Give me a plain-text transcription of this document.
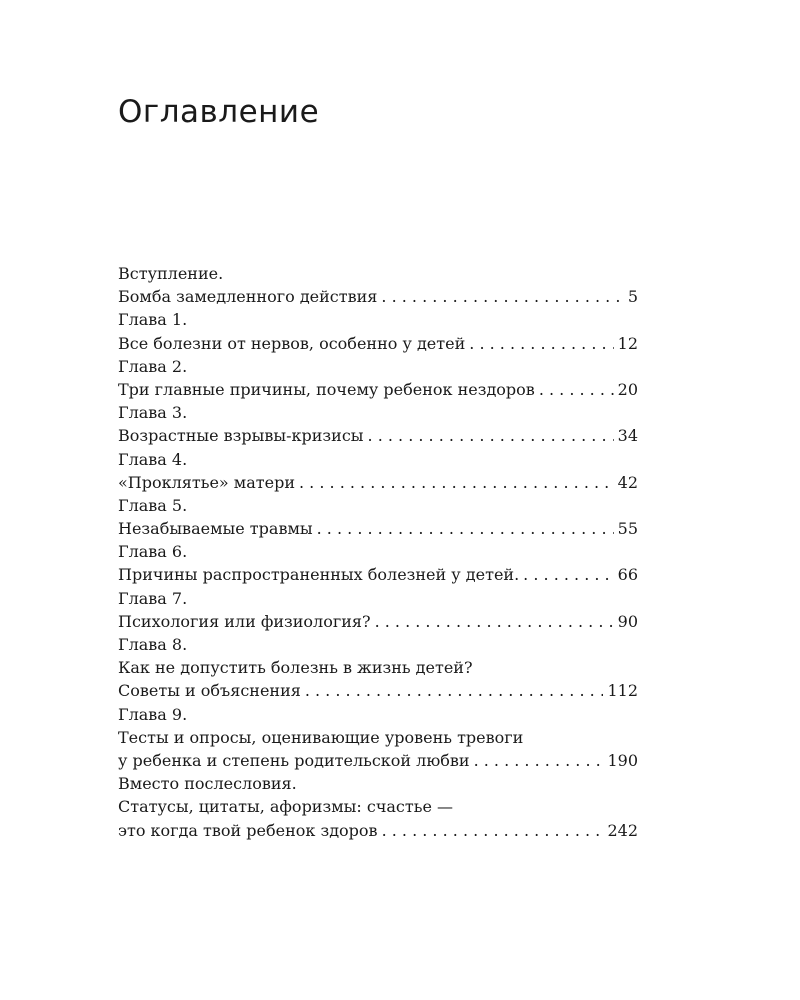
Оглавление
Вступление.
Бомба замедленного действия . . .	5
Глава 1.
Все болезни от нервов, особенно у детей . . .	12
Глава 2.
Три главные причины, почему ребенок нездоров . . .	20
Глава 3.
Возрастные взрывы-кризисы . . .	34
Глава 4.
«Проклятье» матери . . .	42
Глава 5.
Незабываемые травмы . . .	55
Глава 6.
Причины распространенных болезней у детей. . . .	66
Глава 7.
Психология или физиология? . . .	90
Глава 8.
Как не допустить болезнь в жизнь детей?
Советы и объяснения . . .	112
Глава 9.
Тесты и опросы, оценивающие уровень тревоги
у ребенка и степень родительской любви . . .	190
Вместо послесловия.
Статусы, цитаты, афоризмы: счастье —
это когда твой ребенок здоров . . .	242
